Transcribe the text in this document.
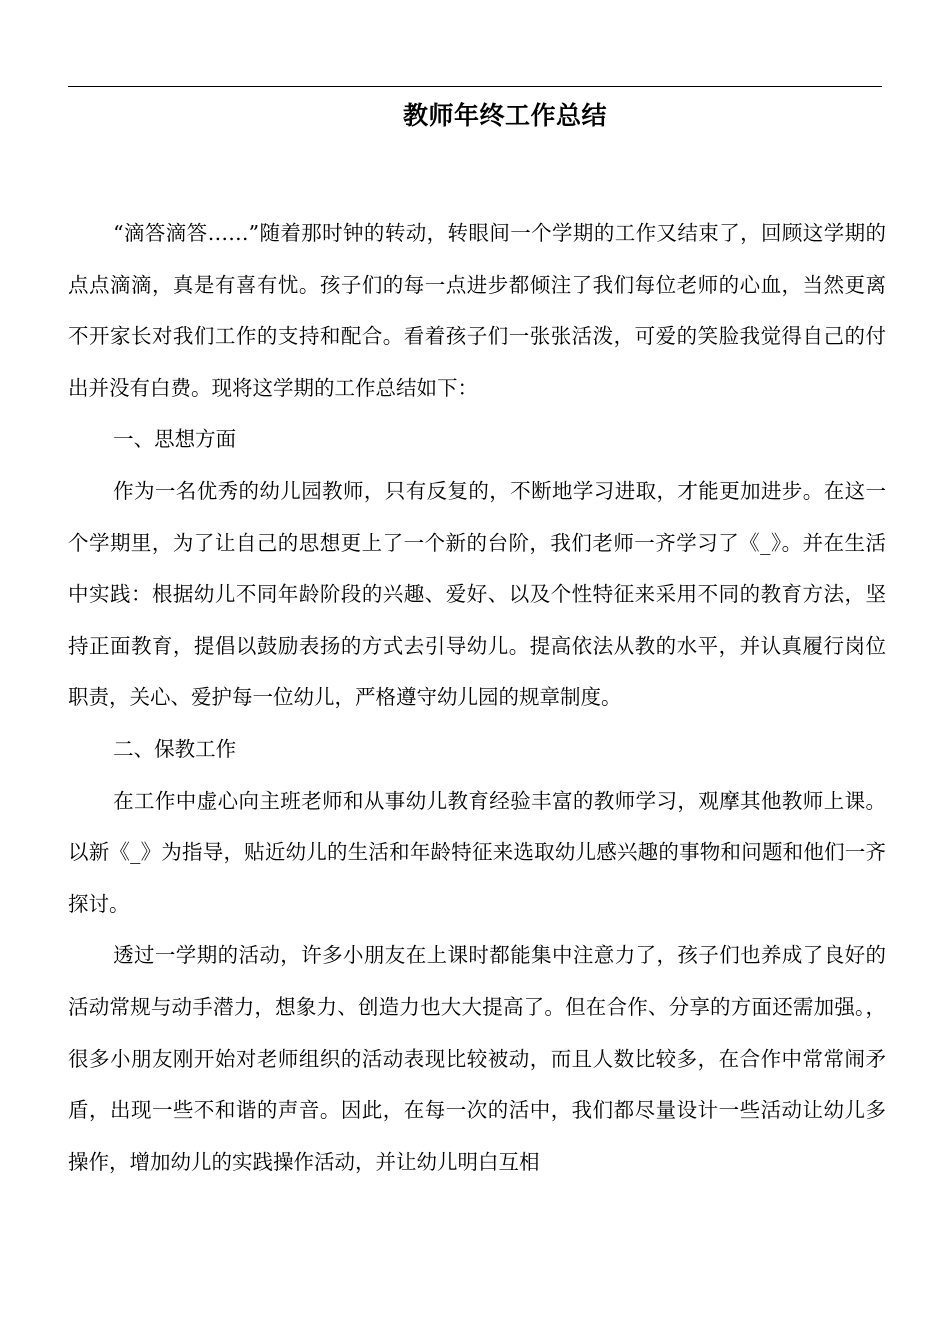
教师年终工作总结

“滴答滴答……”随着那时钟的转动，转眼间一个学期的工作又结束了，回顾这学期的点点滴滴，真是有喜有忧。孩子们的每一点进步都倾注了我们每位老师的心血，当然更离不开家长对我们工作的支持和配合。看着孩子们一张张活泼，可爱的笑脸我觉得自己的付出并没有白费。现将这学期的工作总结如下：

一、思想方面

作为一名优秀的幼儿园教师，只有反复的，不断地学习进取，才能更加进步。在这一个学期里，为了让自己的思想更上了一个新的台阶，我们老师一齐学习了《_》。并在生活中实践：根据幼儿不同年龄阶段的兴趣、爱好、以及个性特征来采用不同的教育方法，坚持正面教育，提倡以鼓励表扬的方式去引导幼儿。提高依法从教的水平，并认真履行岗位职责，关心、爱护每一位幼儿，严格遵守幼儿园的规章制度。

二、保教工作

在工作中虚心向主班老师和从事幼儿教育经验丰富的教师学习，观摩其他教师上课。以新《_》为指导，贴近幼儿的生活和年龄特征来选取幼儿感兴趣的事物和问题和他们一齐探讨。

透过一学期的活动，许多小朋友在上课时都能集中注意力了，孩子们也养成了良好的活动常规与动手潜力，想象力、创造力也大大提高了。但在合作、分享的方面还需加强。，很多小朋友刚开始对老师组织的活动表现比较被动，而且人数比较多，在合作中常常闹矛盾，出现一些不和谐的声音。因此，在每一次的活中，我们都尽量设计一些活动让幼儿多操作，增加幼儿的实践操作活动，并让幼儿明白互相
